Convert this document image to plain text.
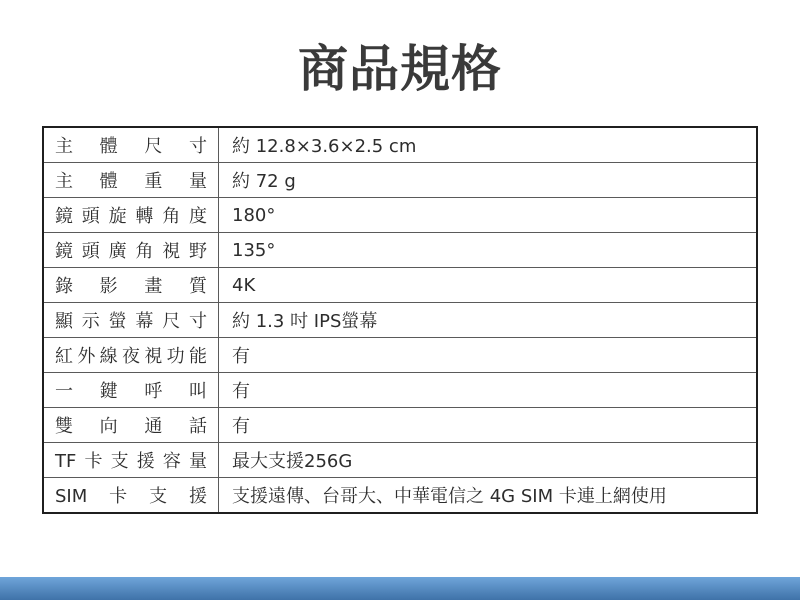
商品規格
主體尺寸	約 12.8×3.6×2.5 cm
主體重量	約 72 g
鏡頭旋轉角度	180°
鏡頭廣角視野	135°
錄影畫質	4K
顯示螢幕尺寸	約 1.3 吋 IPS螢幕
紅外線夜視功能	有
一鍵呼叫	有
雙向通話	有
TF卡支援容量	最大支援256G
SIM卡支援	支援遠傳、台哥大、中華電信之 4G SIM 卡連上網使用
